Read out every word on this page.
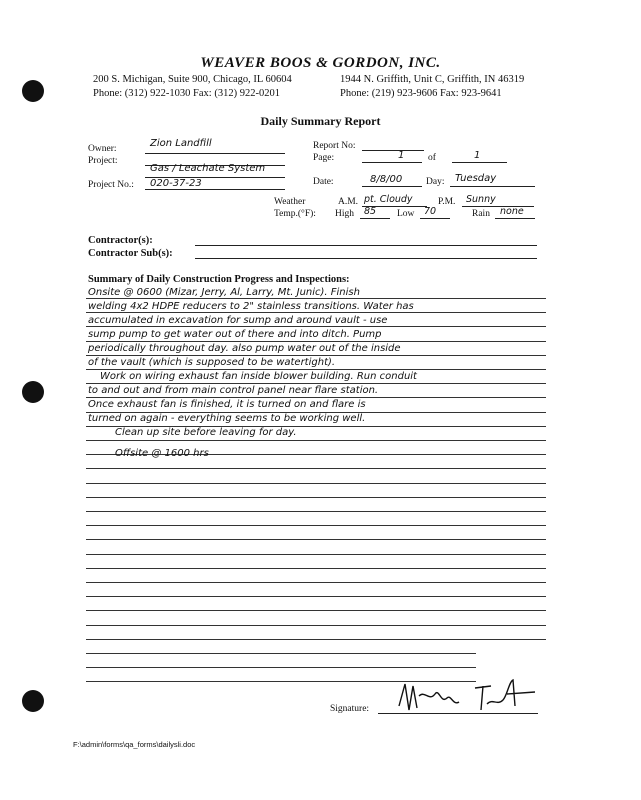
WEAVER BOOS & GORDON, INC.
200 S. Michigan, Suite 900, Chicago, IL 60604	1944 N. Griffith, Unit C, Griffith, IN 46319
Phone: (312) 922-1030 Fax: (312) 922-0201	Phone: (219) 923-9606 Fax: 923-9641
Daily Summary Report
Owner:	Zion Landfill
Project:
Gas / Leachate System
Project No.: 020-37-23
Report No:
Page:	1 of	1
Date:	8/8/00	Day: Tuesday
Weather	A.M. pt. Cloudy	P.M. Sunny
Temp.(°F): High 85 Low 70	Rain none
Contractor(s):
Contractor Sub(s):
Summary of Daily Construction Progress and Inspections:
Onsite @ 0600 (Mizar, Jerry, Al, Larry, Mt. Junic). Finish
welding 4x2 HDPE reducers to 2" stainless transitions. Water has
accumulated in excavation for sump and around vault - use
sump pump to get water out of there and into ditch. Pump
periodically throughout day. also pump water out of the inside
of the vault (which is supposed to be watertight).
Work on wiring exhaust fan inside blower building. Run conduit
to and out and from main control panel near flare station.
Once exhaust fan is finished, it is turned on and flare is
turned on again - everything seems to be working well.
Clean up site before leaving for day.
Offsite @ 1600 hrs
Signature:
F:\admin\forms\qa_forms\dailysli.doc
